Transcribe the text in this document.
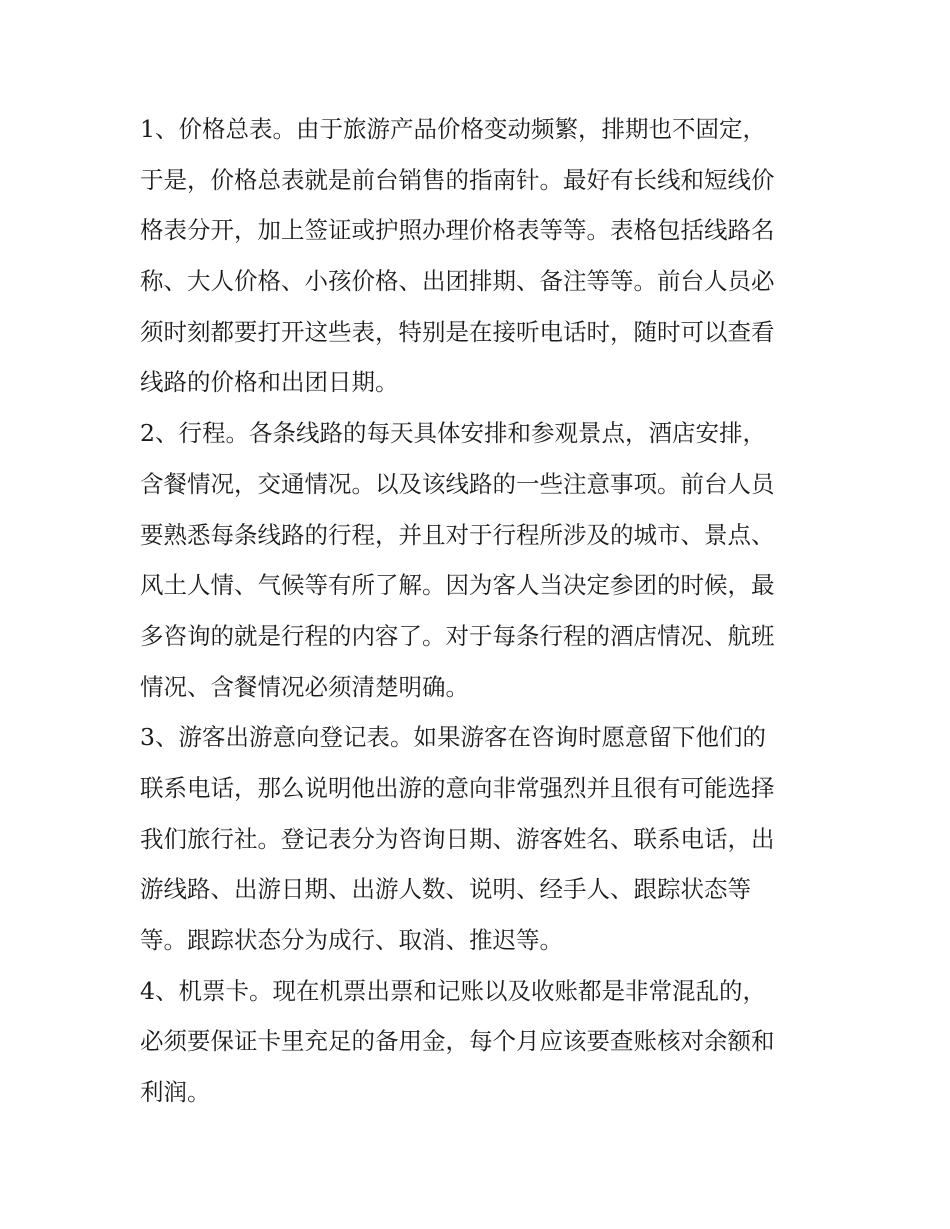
1、价格总表。由于旅游产品价格变动频繁，排期也不固定，
于是，价格总表就是前台销售的指南针。最好有长线和短线价
格表分开，加上签证或护照办理价格表等等。表格包括线路名
称、大人价格、小孩价格、出团排期、备注等等。前台人员必
须时刻都要打开这些表，特别是在接听电话时，随时可以查看
线路的价格和出团日期。
2、行程。各条线路的每天具体安排和参观景点，酒店安排，
含餐情况，交通情况。以及该线路的一些注意事项。前台人员
要熟悉每条线路的行程，并且对于行程所涉及的城市、景点、
风土人情、气候等有所了解。因为客人当决定参团的时候，最
多咨询的就是行程的内容了。对于每条行程的酒店情况、航班
情况、含餐情况必须清楚明确。
3、游客出游意向登记表。如果游客在咨询时愿意留下他们的
联系电话，那么说明他出游的意向非常强烈并且很有可能选择
我们旅行社。登记表分为咨询日期、游客姓名、联系电话，出
游线路、出游日期、出游人数、说明、经手人、跟踪状态等
等。跟踪状态分为成行、取消、推迟等。
4、机票卡。现在机票出票和记账以及收账都是非常混乱的，
必须要保证卡里充足的备用金，每个月应该要查账核对余额和
利润。
